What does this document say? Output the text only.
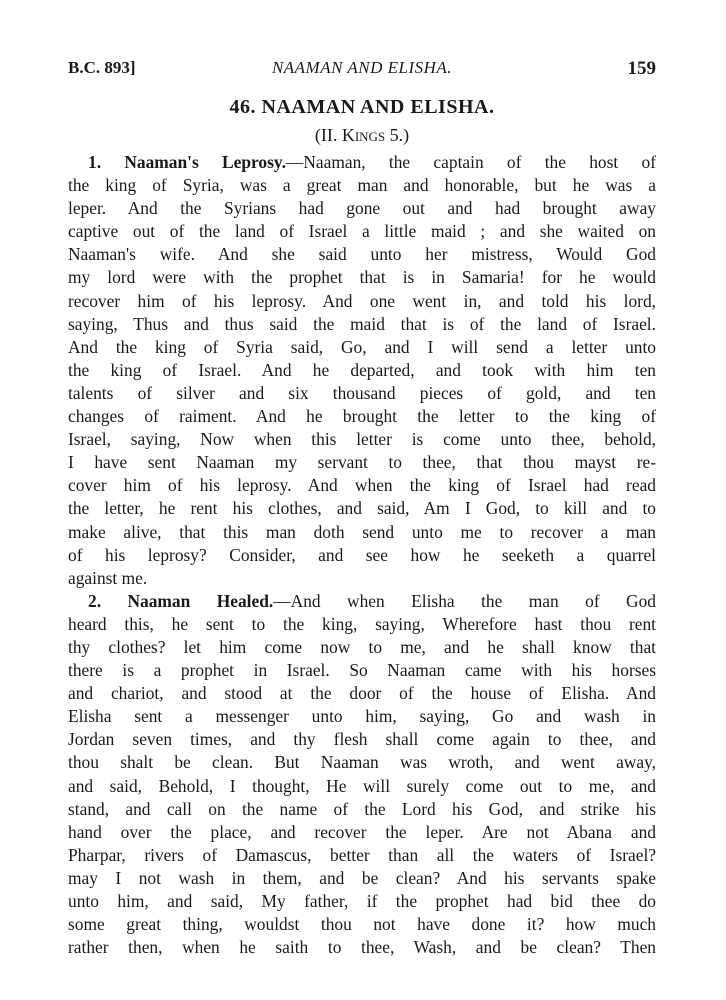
B.C. 893]	NAAMAN AND ELISHA.	159
46. NAAMAN AND ELISHA.
(II. Kings 5.)
1. Naaman's Leprosy.—Naaman, the captain of the host of
the king of Syria, was a great man and honorable, but he was a
leper. And the Syrians had gone out and had brought away
captive out of the land of Israel a little maid ; and she waited on
Naaman's wife. And she said unto her mistress, Would God
my lord were with the prophet that is in Samaria! for he would
recover him of his leprosy. And one went in, and told his lord,
saying, Thus and thus said the maid that is of the land of Israel.
And the king of Syria said, Go, and I will send a letter unto
the king of Israel. And he departed, and took with him ten
talents of silver and six thousand pieces of gold, and ten
changes of raiment. And he brought the letter to the king of
Israel, saying, Now when this letter is come unto thee, behold,
I have sent Naaman my servant to thee, that thou mayst re-
cover him of his leprosy. And when the king of Israel had read
the letter, he rent his clothes, and said, Am I God, to kill and to
make alive, that this man doth send unto me to recover a man
of his leprosy? Consider, and see how he seeketh a quarrel
against me.
2. Naaman Healed.—And when Elisha the man of God
heard this, he sent to the king, saying, Wherefore hast thou rent
thy clothes? let him come now to me, and he shall know that
there is a prophet in Israel. So Naaman came with his horses
and chariot, and stood at the door of the house of Elisha. And
Elisha sent a messenger unto him, saying, Go and wash in
Jordan seven times, and thy flesh shall come again to thee, and
thou shalt be clean. But Naaman was wroth, and went away,
and said, Behold, I thought, He will surely come out to me, and
stand, and call on the name of the Lord his God, and strike his
hand over the place, and recover the leper. Are not Abana and
Pharpar, rivers of Damascus, better than all the waters of Israel?
may I not wash in them, and be clean? And his servants spake
unto him, and said, My father, if the prophet had bid thee do
some great thing, wouldst thou not have done it? how much
rather then, when he saith to thee, Wash, and be clean? Then
